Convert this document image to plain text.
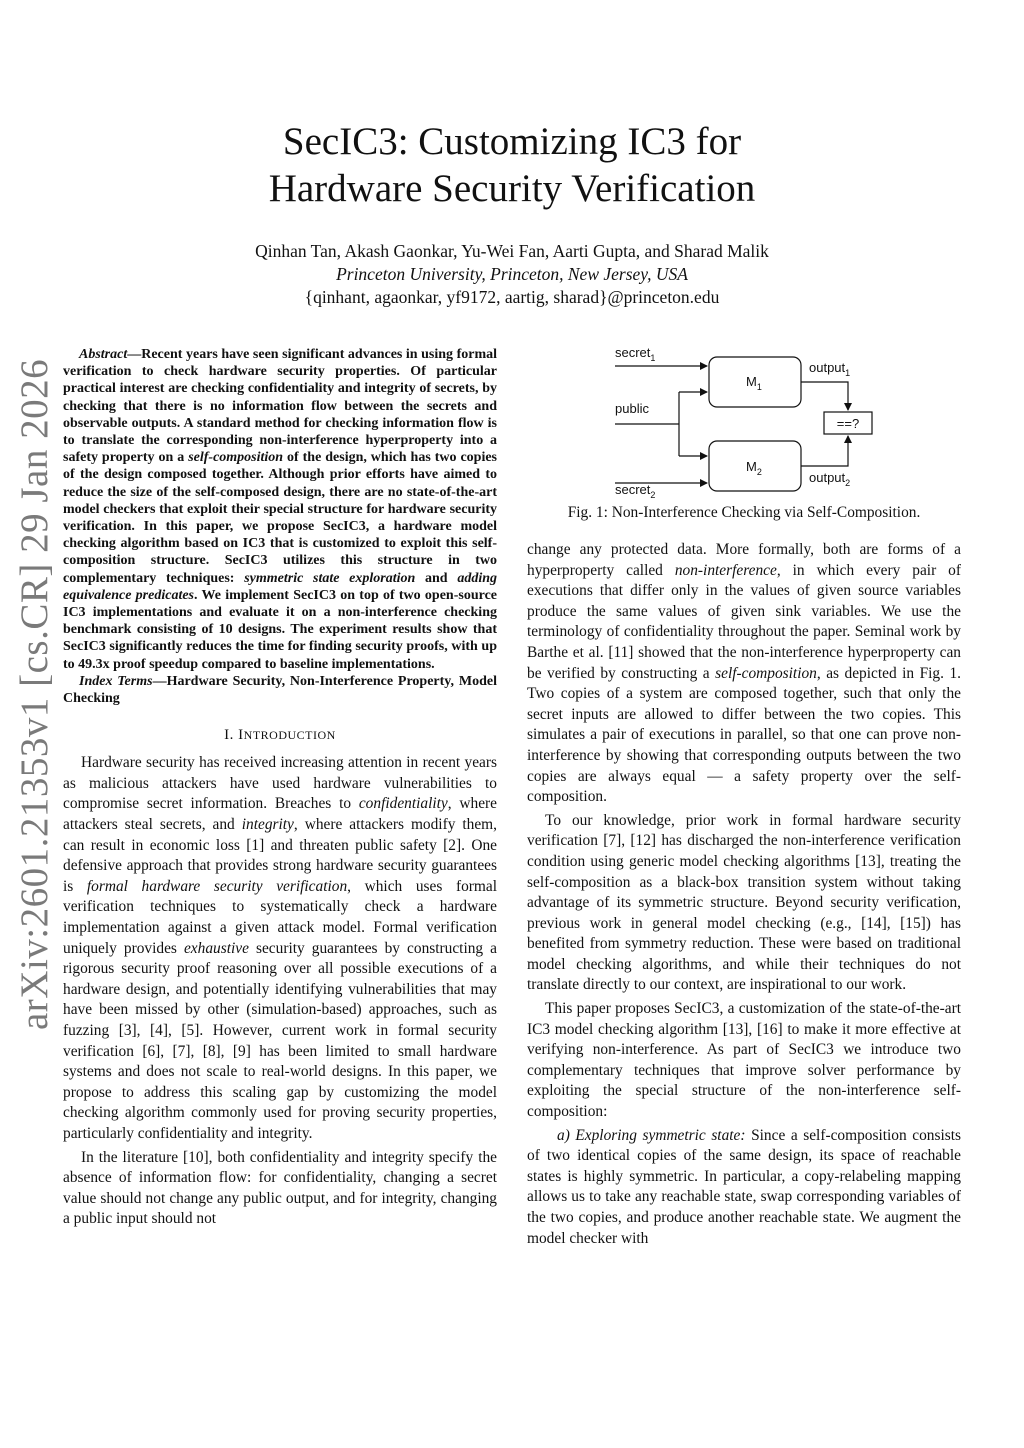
arXiv:2601.21353v1 [cs.CR] 29 Jan 2026
SecIC3: Customizing IC3 for
Hardware Security Verification
Qinhan Tan, Akash Gaonkar, Yu-Wei Fan, Aarti Gupta, and Sharad Malik
Princeton University, Princeton, New Jersey, USA
{qinhant, agaonkar, yf9172, aartig, sharad}@princeton.edu

Abstract—Recent years have seen significant advances in using formal verification to check hardware security properties. Of particular practical interest are checking confidentiality and integrity of secrets, by checking that there is no information flow between the secrets and observable outputs. A standard method for checking information flow is to translate the corresponding non-interference hyperproperty into a safety property on a self-composition of the design, which has two copies of the design composed together. Although prior efforts have aimed to reduce the size of the self-composed design, there are no state-of-the-art model checkers that exploit their special structure for hardware security verification. In this paper, we propose SecIC3, a hardware model checking algorithm based on IC3 that is customized to exploit this self-composition structure. SecIC3 utilizes this structure in two complementary techniques: symmetric state exploration and adding equivalence predicates. We implement SecIC3 on top of two open-source IC3 implementations and evaluate it on a non-interference checking benchmark consisting of 10 designs. The experiment results show that SecIC3 significantly reduces the time for finding security proofs, with up to 49.3x proof speedup compared to baseline implementations.

Index Terms—Hardware Security, Non-Interference Property, Model Checking

I. INTRODUCTION

Hardware security has received increasing attention in recent years as malicious attackers have used hardware vulnerabilities to compromise secret information. Breaches to confidentiality, where attackers steal secrets, and integrity, where attackers modify them, can result in economic loss [1] and threaten public safety [2]. One defensive approach that provides strong hardware security guarantees is formal hardware security verification, which uses formal verification techniques to systematically check a hardware implementation against a given attack model. Formal verification uniquely provides exhaustive security guarantees by constructing a rigorous security proof reasoning over all possible executions of a hardware design, and potentially identifying vulnerabilities that may have been missed by other (simulation-based) approaches, such as fuzzing [3], [4], [5]. However, current work in formal security verification [6], [7], [8], [9] has been limited to small hardware systems and does not scale to real-world designs. In this paper, we propose to address this scaling gap by customizing the model checking algorithm commonly used for proving security properties, particularly confidentiality and integrity.

In the literature [10], both confidentiality and integrity specify the absence of information flow: for confidentiality, changing a secret value should not change any public output, and for integrity, changing a public input should not

secret$_1$
public
secret$_2$
$M_1$
$M_2$
output$_1$
output$_2$
==?
Fig. 1: Non-Interference Checking via Self-Composition.

change any protected data. More formally, both are forms of a hyperproperty called non-interference, in which every pair of executions that differ only in the values of given source variables produce the same values of given sink variables. We use the terminology of confidentiality throughout the paper. Seminal work by Barthe et al. [11] showed that the non-interference hyperproperty can be verified by constructing a self-composition, as depicted in Fig. 1. Two copies of a system are composed together, such that only the secret inputs are allowed to differ between the two copies. This simulates a pair of executions in parallel, so that one can prove non-interference by showing that corresponding outputs between the two copies are always equal — a safety property over the self-composition.

To our knowledge, prior work in formal hardware security verification [7], [12] has discharged the non-interference verification condition using generic model checking algorithms [13], treating the self-composition as a black-box transition system without taking advantage of its symmetric structure. Beyond security verification, previous work in general model checking (e.g., [14], [15]) has benefited from symmetry reduction. These were based on traditional model checking algorithms, and while their techniques do not translate directly to our context, are inspirational to our work.

This paper proposes SecIC3, a customization of the state-of-the-art IC3 model checking algorithm [13], [16] to make it more effective at verifying non-interference. As part of SecIC3 we introduce two complementary techniques that improve solver performance by exploiting the special structure of the non-interference self-composition:

a) Exploring symmetric state: Since a self-composition consists of two identical copies of the same design, its space of reachable states is highly symmetric. In particular, a copy-relabeling mapping allows us to take any reachable state, swap corresponding variables of the two copies, and produce another reachable state. We augment the model checker with
